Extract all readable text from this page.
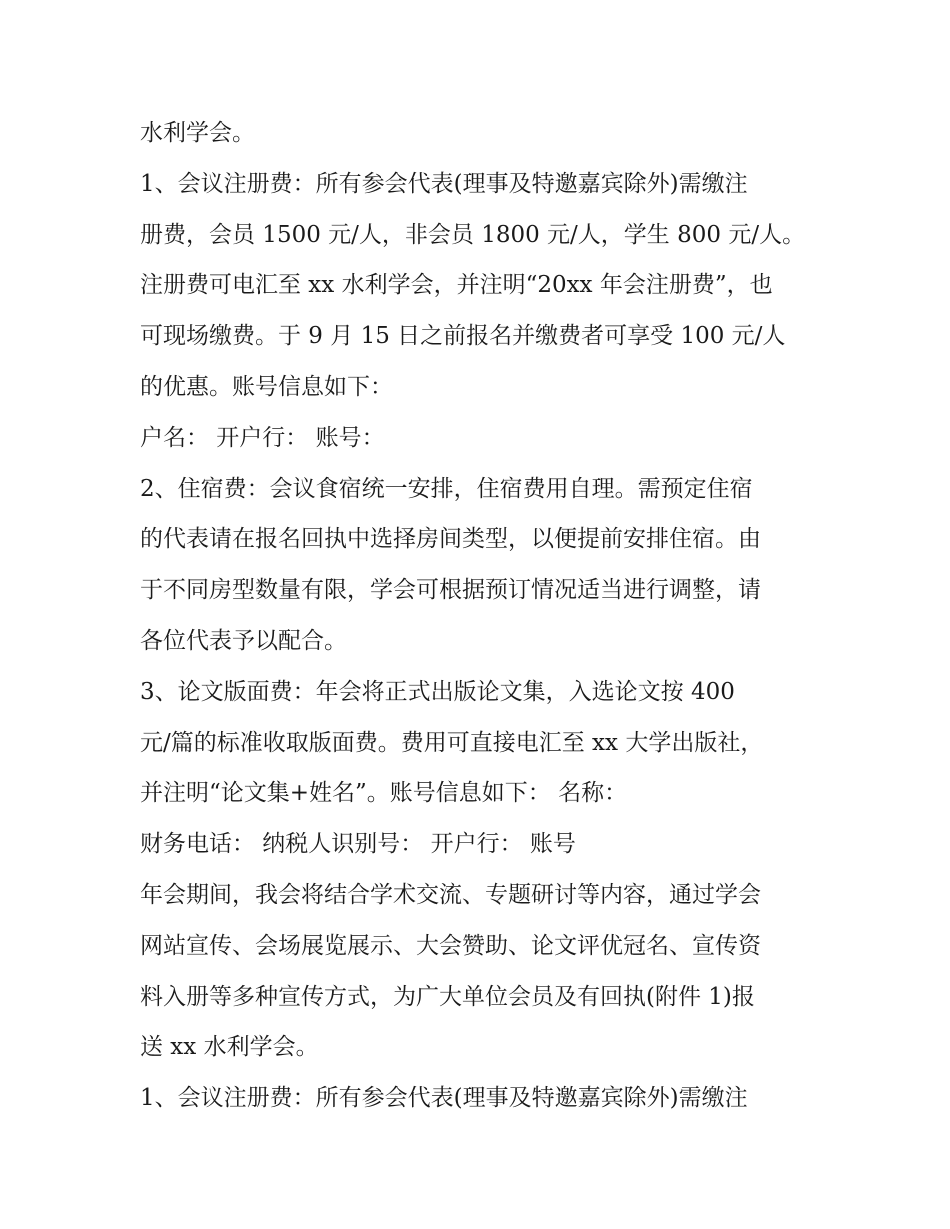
水利学会。
1、会议注册费：所有参会代表(理事及特邀嘉宾除外)需缴注
册费，会员 1500 元/人，非会员 1800 元/人，学生 800 元/人。
注册费可电汇至 xx 水利学会，并注明“20xx 年会注册费”，也
可现场缴费。于 9 月 15 日之前报名并缴费者可享受 100 元/人
的优惠。账号信息如下：
户名： 开户行： 账号：
2、住宿费：会议食宿统一安排，住宿费用自理。需预定住宿
的代表请在报名回执中选择房间类型，以便提前安排住宿。由
于不同房型数量有限，学会可根据预订情况适当进行调整，请
各位代表予以配合。
3、论文版面费：年会将正式出版论文集，入选论文按 400
元/篇的标准收取版面费。费用可直接电汇至 xx 大学出版社，
并注明“论文集+姓名”。账号信息如下： 名称：
财务电话： 纳税人识别号： 开户行： 账号
年会期间，我会将结合学术交流、专题研讨等内容，通过学会
网站宣传、会场展览展示、大会赞助、论文评优冠名、宣传资
料入册等多种宣传方式，为广大单位会员及有回执(附件 1)报
送 xx 水利学会。
1、会议注册费：所有参会代表(理事及特邀嘉宾除外)需缴注
